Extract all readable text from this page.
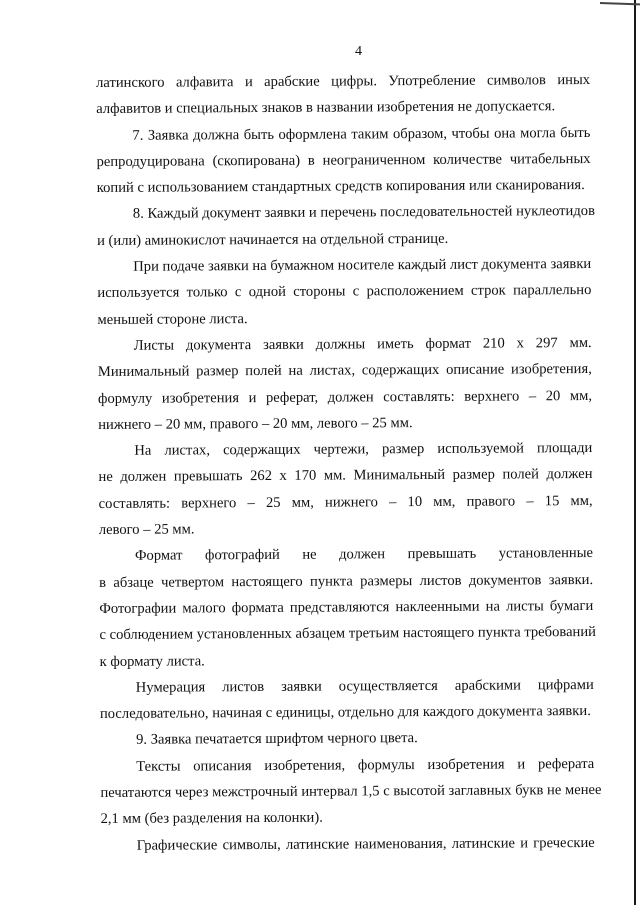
4
латинского алфавита и арабские цифры. Употребление символов иных
алфавитов и специальных знаков в названии изобретения не допускается.
7. Заявка должна быть оформлена таким образом, чтобы она могла быть
репродуцирована (скопирована) в неограниченном количестве читабельных
копий с использованием стандартных средств копирования или сканирования.
8. Каждый документ заявки и перечень последовательностей нуклеотидов
и (или) аминокислот начинается на отдельной странице.
При подаче заявки на бумажном носителе каждый лист документа заявки
используется только с одной стороны с расположением строк параллельно
меньшей стороне листа.
Листы документа заявки должны иметь формат 210 х 297 мм.
Минимальный размер полей на листах, содержащих описание изобретения,
формулу изобретения и реферат, должен составлять: верхнего – 20 мм,
нижнего – 20 мм, правого – 20 мм, левого – 25 мм.
На листах, содержащих чертежи, размер используемой площади
не должен превышать 262 х 170 мм. Минимальный размер полей должен
составлять: верхнего – 25 мм, нижнего – 10 мм, правого – 15 мм,
левого – 25 мм.
Формат фотографий не должен превышать установленные
в абзаце четвертом настоящего пункта размеры листов документов заявки.
Фотографии малого формата представляются наклеенными на листы бумаги
с соблюдением установленных абзацем третьим настоящего пункта требований
к формату листа.
Нумерация листов заявки осуществляется арабскими цифрами
последовательно, начиная с единицы, отдельно для каждого документа заявки.
9. Заявка печатается шрифтом черного цвета.
Тексты описания изобретения, формулы изобретения и реферата
печатаются через межстрочный интервал 1,5 с высотой заглавных букв не менее
2,1 мм (без разделения на колонки).
Графические символы, латинские наименования, латинские и греческие
